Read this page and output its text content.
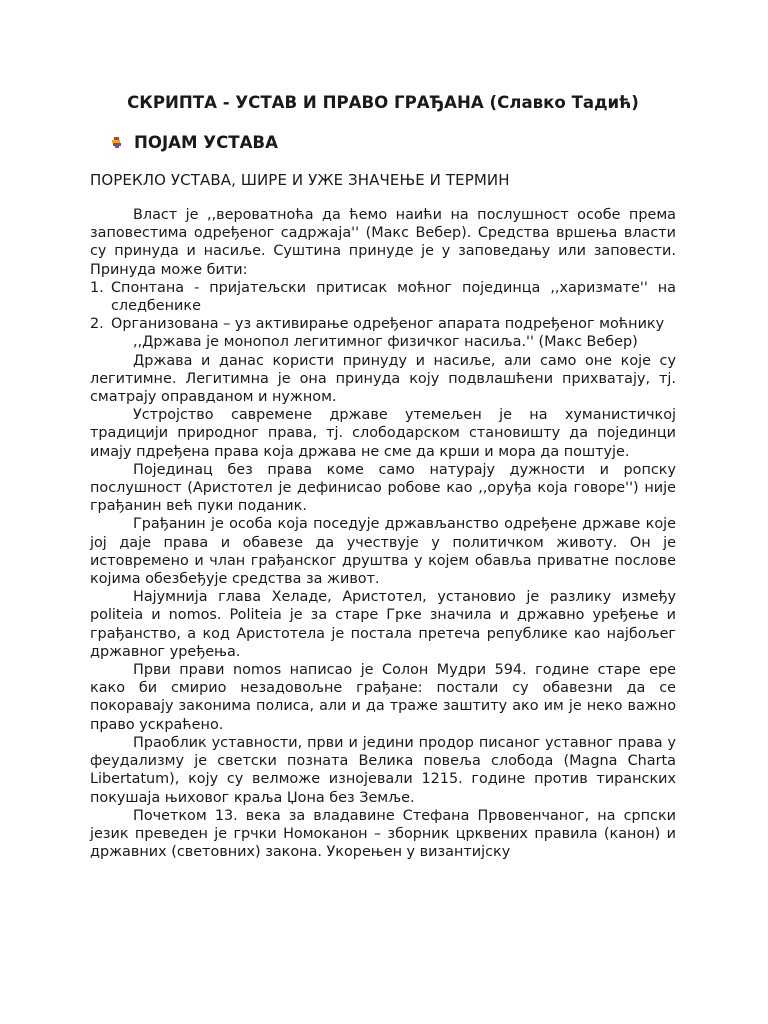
СКРИПТА - УСТАВ И ПРАВО ГРАЂАНА (Славко Тадић)
ПОЈАМ УСТАВА
ПОРЕКЛО УСТАВА, ШИРЕ И УЖЕ ЗНАЧЕЊЕ И ТЕРМИН

Власт је ,,вероватноћа да ћемо наићи на послушност особе према заповестима одређеног садржаја'' (Макс Вебер). Средства вршења власти су принуда и насиље. Суштина принуде је у заповедању или заповести. Принуда може бити:

1. Спонтана - пријатељски притисак моћног појединца ,,харизмате'' на следбенике
2. Организована – уз активирање одређеног апарата подређеног моћнику

,,Држава је монопол легитимног физичког насиља.'' (Макс Вебер)

Држава и данас користи принуду и насиље, али само оне које су легитимне. Легитимна је она принуда коју подвлашћени прихватају, тј. сматрају оправданом и нужном.

Устројство савремене државе утемељен је на хуманистичкој традицији природног права, тј. слободарском становишту да појединци имају пдређена права која држава не сме да крши и мора да поштује.

Појединац без права коме само натурају дужности и ропску послушност (Аристотел је дефинисао робове као ,,оруђа која говоре'') није грађанин већ пуки поданик.

Грађанин је особа која поседује држављанство одређене државе које јој даје права и обавезе да учествује у политичком животу. Он је истовремено и члан грађанског друштва у којем обавља приватне послове којима обезбеђује средства за живот.

Најумнија глава Хеладе, Аристотел, установио је разлику између politeia и nomos. Politeia је за старе Грке значила и државно уређење и грађанство, а код Аристотела је постала претеча републике као најбољег државног уређења.

Први прави nomos написао је Солон Мудри 594. године старе ере како би смирио незадовољне грађане: постали су обавезни да се покоравају законима полиса, али и да траже заштиту ако им је неко важно право ускраћено.

Праоблик уставности, први и једини продор писаног уставног права у феудализму је светски позната Велика повеља слобода (Magna Charta Libertatum), коју су велможе изнојевали 1215. године против тиранских покушаја њиховог краља Џона без Земље.

Почетком 13. века за владавине Стефана Првовенчаног, на српски језик преведен је грчки Номоканон – зборник црквених правила (канон) и државних (световних) закона. Укорењен у византијску
